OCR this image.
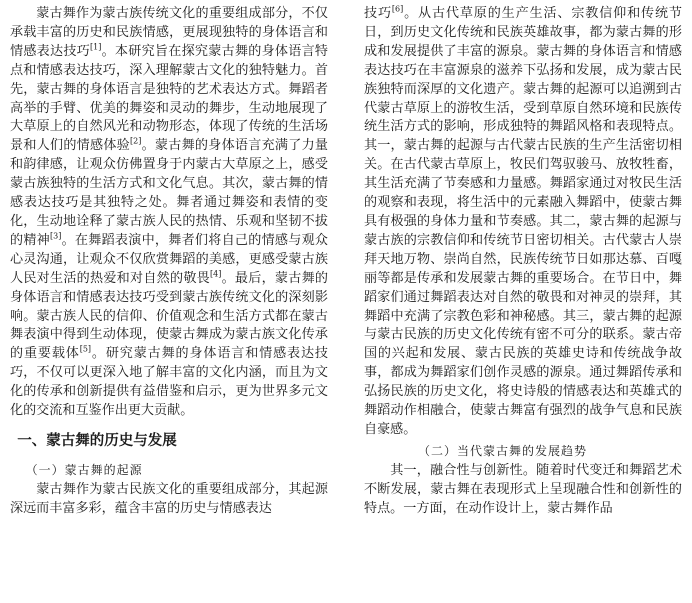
蒙古舞作为蒙古族传统文化的重要组成部分，不仅承载丰富的历史和民族情感，更展现独特的身体语言和情感表达技巧[1]。本研究旨在探究蒙古舞的身体语言特点和情感表达技巧，深入理解蒙古文化的独特魅力。首先，蒙古舞的身体语言是独特的艺术表达方式。舞蹈者高举的手臂、优美的舞姿和灵动的舞步，生动地展现了大草原上的自然风光和动物形态，体现了传统的生活场景和人们的情感体验[2]。蒙古舞的身体语言充满了力量和韵律感，让观众仿佛置身于内蒙古大草原之上，感受蒙古族独特的生活方式和文化气息。其次，蒙古舞的情感表达技巧是其独特之处。舞者通过舞姿和表情的变化，生动地诠释了蒙古族人民的热情、乐观和坚韧不拔的精神[3]。在舞蹈表演中，舞者们将自己的情感与观众心灵沟通，让观众不仅欣赏舞蹈的美感，更感受蒙古族人民对生活的热爱和对自然的敬畏[4]。最后，蒙古舞的身体语言和情感表达技巧受到蒙古族传统文化的深刻影响。蒙古族人民的信仰、价值观念和生活方式都在蒙古舞表演中得到生动体现，使蒙古舞成为蒙古族文化传承的重要载体[5]。研究蒙古舞的身体语言和情感表达技巧，不仅可以更深入地了解丰富的文化内涵，而且为文化的传承和创新提供有益借鉴和启示，更为世界多元文化的交流和互鉴作出更大贡献。

一、蒙古舞的历史与发展
（一）蒙古舞的起源

蒙古舞作为蒙古民族文化的重要组成部分，其起源深远而丰富多彩，蕴含丰富的历史与情感表达

技巧[6]。从古代草原的生产生活、宗教信仰和传统节日，到历史文化传统和民族英雄故事，都为蒙古舞的形成和发展提供了丰富的源泉。蒙古舞的身体语言和情感表达技巧在丰富源泉的滋养下弘扬和发展，成为蒙古民族独特而深厚的文化遗产。蒙古舞的起源可以追溯到古代蒙古草原上的游牧生活，受到草原自然环境和民族传统生活方式的影响，形成独特的舞蹈风格和表现特点。其一，蒙古舞的起源与古代蒙古民族的生产生活密切相关。在古代蒙古草原上，牧民们驾驭骏马、放牧牲畜，其生活充满了节奏感和力量感。舞蹈家通过对牧民生活的观察和表现，将生活中的元素融入舞蹈中，使蒙古舞具有极强的身体力量和节奏感。其二，蒙古舞的起源与蒙古族的宗教信仰和传统节日密切相关。古代蒙古人崇拜天地万物、崇尚自然，民族传统节日如那达慕、百嘎丽等都是传承和发展蒙古舞的重要场合。在节日中，舞蹈家们通过舞蹈表达对自然的敬畏和对神灵的崇拜，其舞蹈中充满了宗教色彩和神秘感。其三，蒙古舞的起源与蒙古民族的历史文化传统有密不可分的联系。蒙古帝国的兴起和发展、蒙古民族的英雄史诗和传统战争故事，都成为舞蹈家们创作灵感的源泉。通过舞蹈传承和弘扬民族的历史文化，将史诗般的情感表达和英雄式的舞蹈动作相融合，使蒙古舞富有强烈的战争气息和民族自豪感。

（二）当代蒙古舞的发展趋势

其一，融合性与创新性。随着时代变迁和舞蹈艺术不断发展，蒙古舞在表现形式上呈现融合性和创新性的特点。一方面，在动作设计上，蒙古舞作品
